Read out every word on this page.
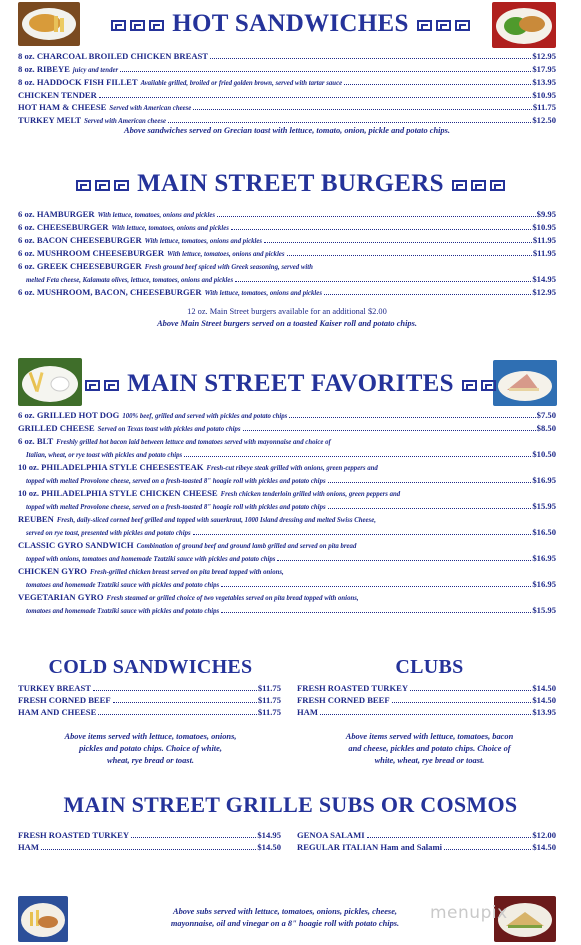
HOT SANDWICHES
8 oz. CHARCOAL BROILED CHICKEN BREAST	$12.95
8 oz. RIBEYE juicy and tender	$17.95
8 oz. HADDOCK FISH FILLET Available grilled, broiled or fried golden brown, served with tartar sauce	$13.95
CHICKEN TENDER	$10.95
HOT HAM & CHEESE Served with American cheese	$11.75
TURKEY MELT Served with American cheese	$12.50
Above sandwiches served on Grecian toast with lettuce, tomato, onion, pickle and potato chips.
MAIN STREET BURGERS
6 oz. HAMBURGER With lettuce, tomatoes, onions and pickles	$9.95
6 oz. CHEESEBURGER With lettuce, tomatoes, onions and pickles	$10.95
6 oz. BACON CHEESEBURGER With lettuce, tomatoes, onions and pickles	$11.95
6 oz. MUSHROOM CHEESEBURGER With lettuce, tomatoes, onions and pickles	$11.95
6 oz. GREEK CHEESEBURGER Fresh ground beef spiced with Greek seasoning, served with
melted Feta cheese, Kalamata olives, lettuce, tomatoes, onions and pickles	$14.95
6 oz. MUSHROOM, BACON, CHEESEBURGER With lettuce, tomatoes, onions and pickles	$12.95
12 oz. Main Street burgers available for an additional $2.00
Above Main Street burgers served on a toasted Kaiser roll and potato chips.
MAIN STREET FAVORITES
6 oz. GRILLED HOT DOG 100% beef, grilled and served with pickles and potato chips	$7.50
GRILLED CHEESE Served on Texas toast with pickles and potato chips	$8.50
6 oz. BLT Freshly grilled hot bacon laid between lettuce and tomatoes served with mayonnaise and choice of
Italian, wheat, or rye toast with pickles and potato chips	$10.50
10 oz. PHILADELPHIA STYLE CHEESESTEAK Fresh-cut ribeye steak grilled with onions, green peppers and
topped with melted Provolone cheese, served on a fresh-toasted 8" hoagie roll with pickles and potato chips	$16.95
10 oz. PHILADELPHIA STYLE CHICKEN CHEESE Fresh chicken tenderloin grilled with onions, green peppers and
topped with melted Provolone cheese, served on a fresh-toasted 8" hoagie roll with pickles and potato chips	$15.95
REUBEN Fresh, daily-sliced corned beef grilled and topped with sauerkraut, 1000 Island dressing and melted Swiss Cheese,
served on rye toast, presented with pickles and potato chips	$16.50
CLASSIC GYRO SANDWICH Combination of ground beef and ground lamb grilled and served on pita bread
topped with onions, tomatoes and homemade Tzatziki sauce with pickles and potato chips	$16.95
CHICKEN GYRO Fresh-grilled chicken breast served on pita bread topped with onions,
tomatoes and homemade Tzatziki sauce with pickles and potato chips	$16.95
VEGETARIAN GYRO Fresh steamed or grilled choice of two vegetables served on pita bread topped with onions,
tomatoes and homemade Tzatziki sauce with pickles and potato chips	$15.95
COLD SANDWICHES	CLUBS
TURKEY BREAST	$11.75
FRESH CORNED BEEF	$11.75
HAM AND CHEESE	$11.75
FRESH ROASTED TURKEY	$14.50
FRESH CORNED BEEF	$14.50
HAM	$13.95
Above items served with lettuce, tomatoes, onions,
pickles and potato chips. Choice of white,
wheat, rye bread or toast.
Above items served with lettuce, tomatoes, bacon
and cheese, pickles and potato chips. Choice of
white, wheat, rye bread or toast.
MAIN STREET GRILLE SUBS OR COSMOS
FRESH ROASTED TURKEY	$14.95
HAM	$14.50
GENOA SALAMI	$12.00
REGULAR ITALIAN Ham and Salami	$14.50
Above subs served with lettuce, tomatoes, onions, pickles, cheese,
mayonnaise, oil and vinegar on a 8" hoagie roll with potato chips.
menupix
